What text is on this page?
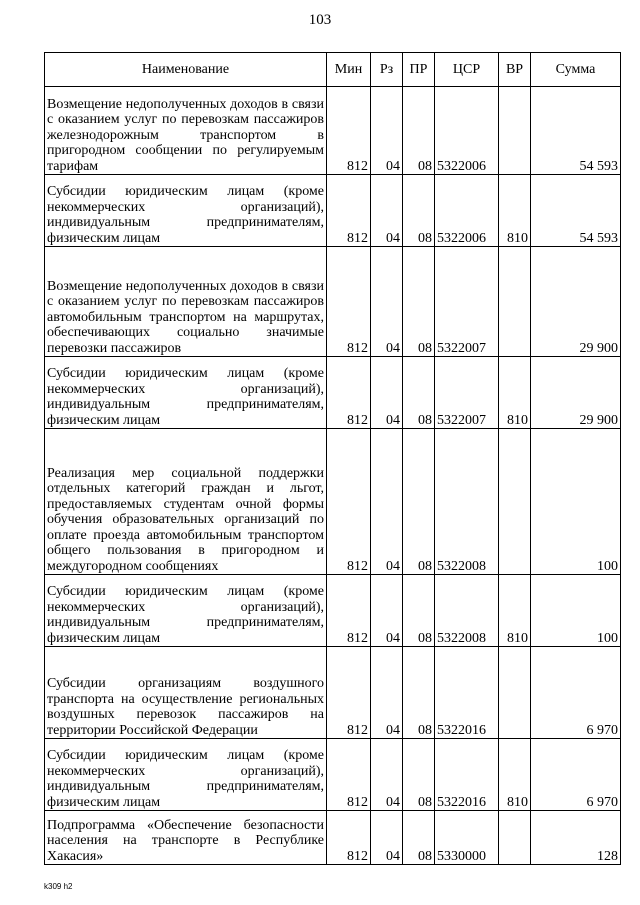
103
Наименование	Мин	Рз	ПР	ЦСР	ВР	Сумма
Возмещение недополученных доходов в связи с оказанием услуг по перевозкам пассажиров железнодорожным транспортом в пригородном сообщении по регулируемым тарифам	812	04	08	5322006		54 593
Субсидии юридическим лицам (кроме некоммерческих организаций), индивидуальным предпринимателям, физическим лицам	812	04	08	5322006	810	54 593
Возмещение недополученных доходов в связи с оказанием услуг по перевозкам пассажиров автомобильным транспортом на маршрутах, обеспечивающих социально значимые перевозки пассажиров	812	04	08	5322007		29 900
Субсидии юридическим лицам (кроме некоммерческих организаций), индивидуальным предпринимателям, физическим лицам	812	04	08	5322007	810	29 900
Реализация мер социальной поддержки отдельных категорий граждан и льгот, предоставляемых студентам очной формы обучения образовательных организаций по оплате проезда автомобильным транспортом общего пользования в пригородном и междугородном сообщениях	812	04	08	5322008		100
Субсидии юридическим лицам (кроме некоммерческих организаций), индивидуальным предпринимателям, физическим лицам	812	04	08	5322008	810	100
Субсидии организациям воздушного транспорта на осуществление региональных воздушных перевозок пассажиров на территории Российской Федерации	812	04	08	5322016		6 970
Субсидии юридическим лицам (кроме некоммерческих организаций), индивидуальным предпринимателям, физическим лицам	812	04	08	5322016	810	6 970
Подпрограмма «Обеспечение безопасности населения на транспорте в Республике Хакасия»	812	04	08	5330000		128
k309 h2
